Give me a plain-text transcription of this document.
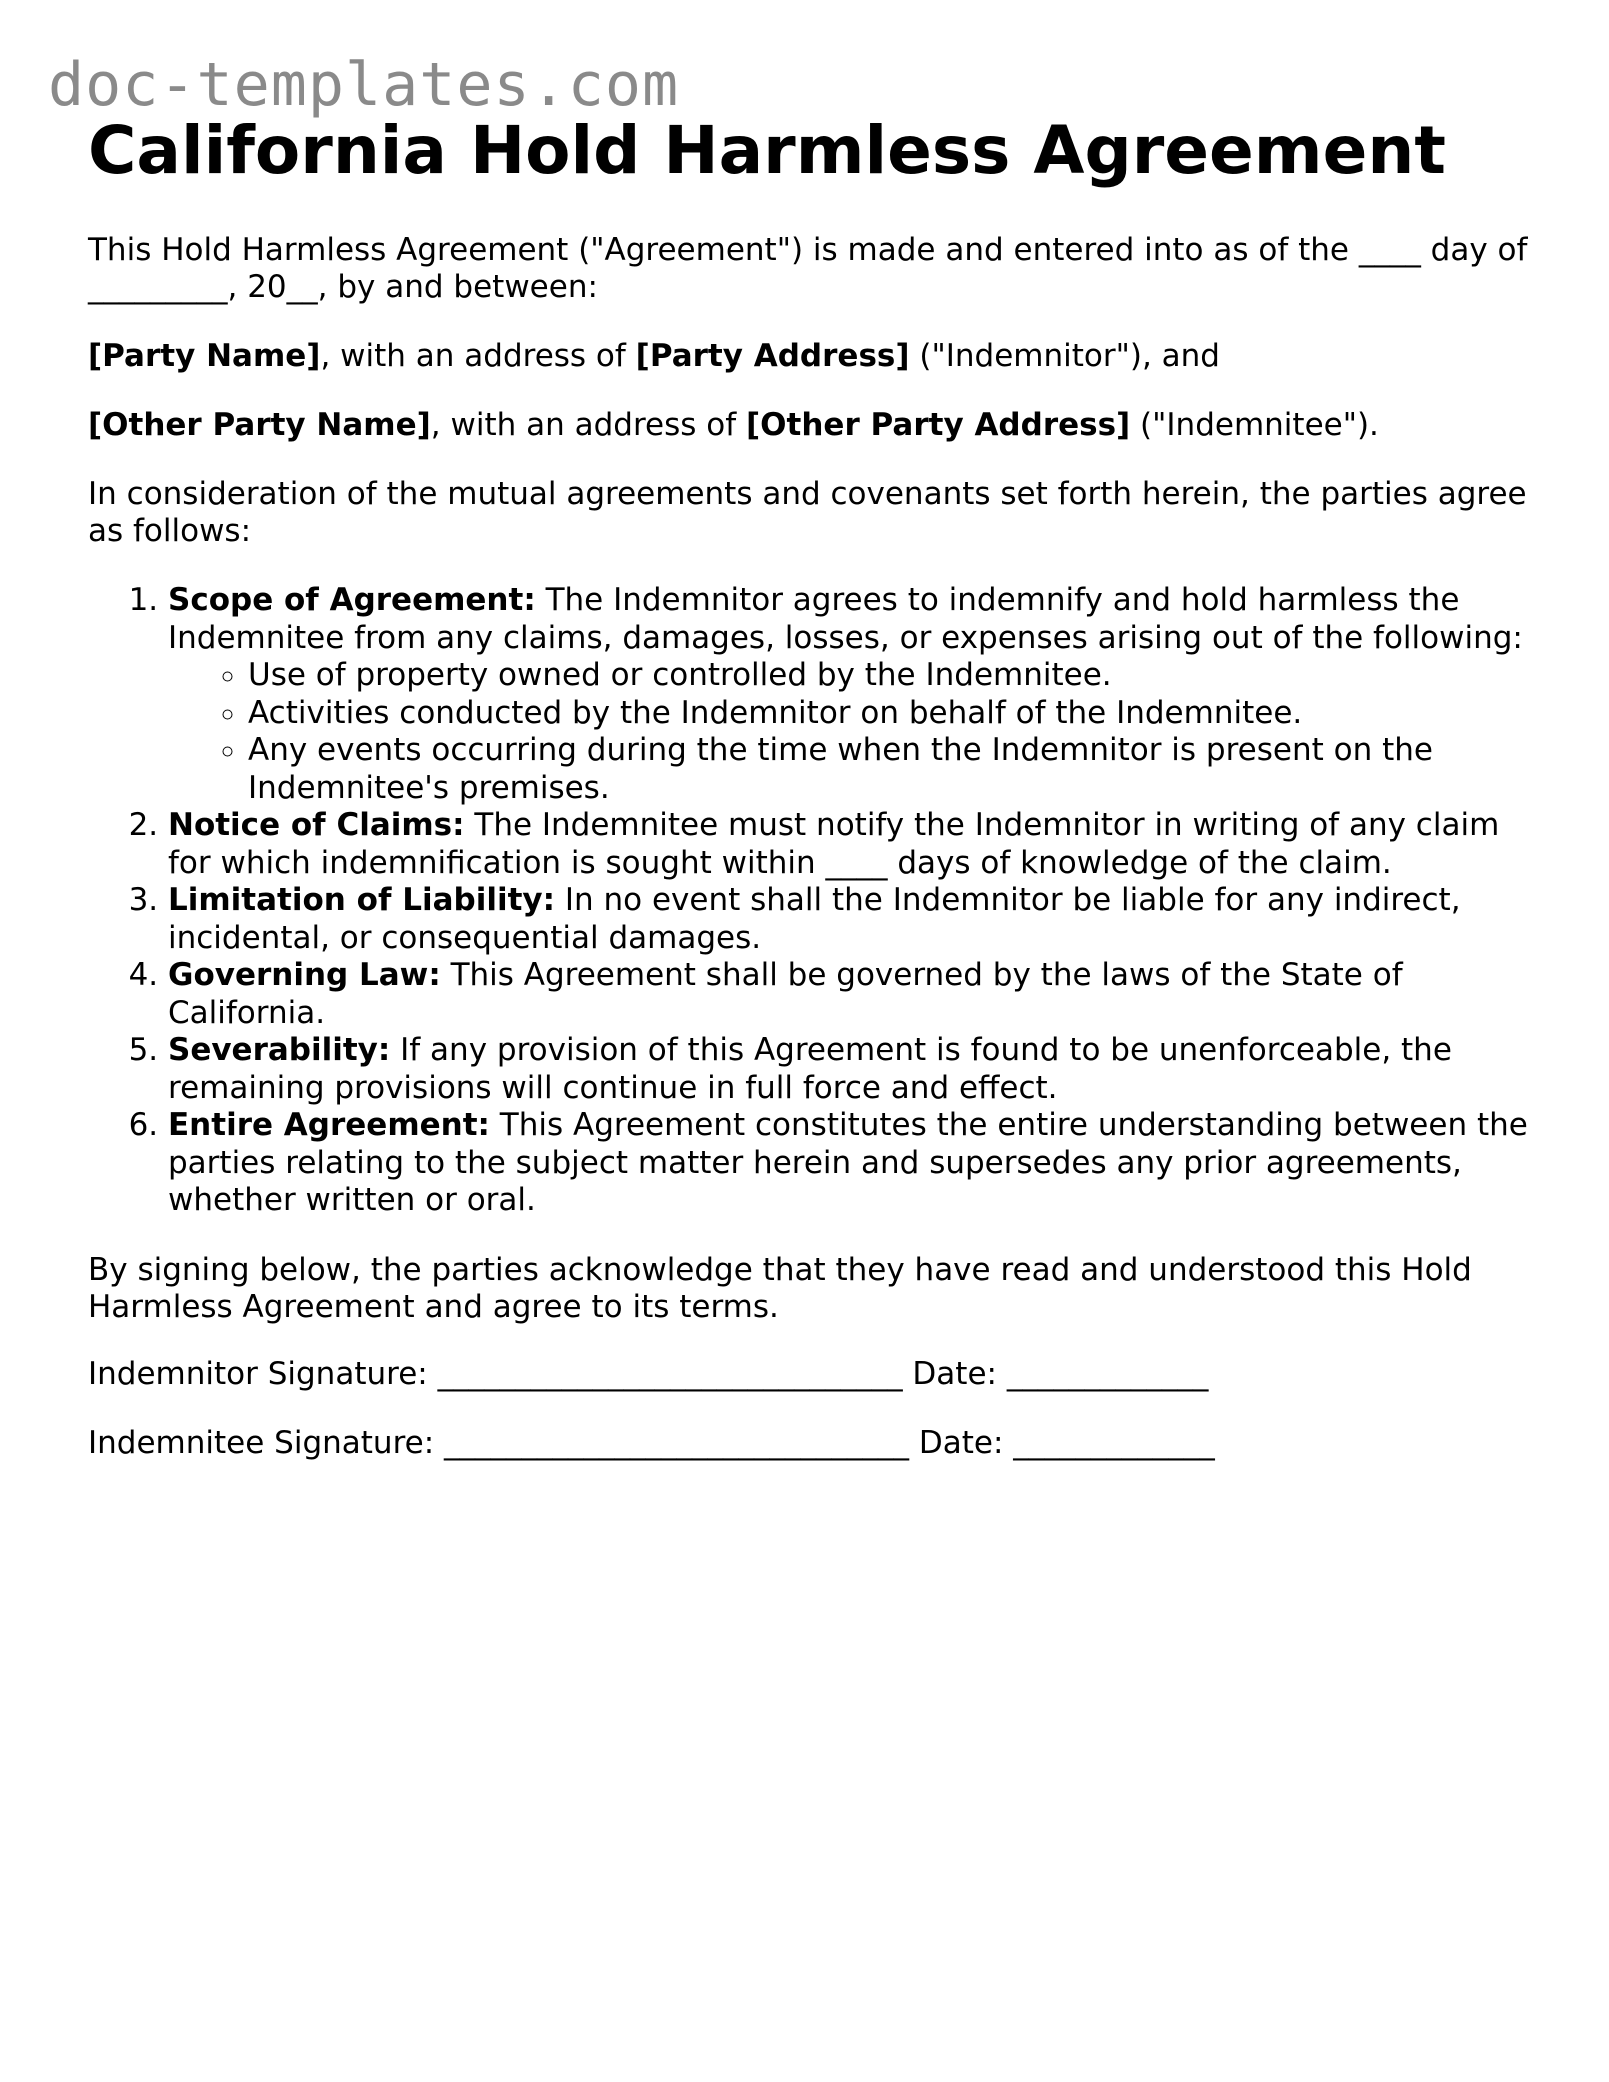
doc-templates.com
California Hold Harmless Agreement

This Hold Harmless Agreement ("Agreement") is made and entered into as of the ____ day of _________, 20__, by and between:

[Party Name], with an address of [Party Address] ("Indemnitor"), and

[Other Party Name], with an address of [Other Party Address] ("Indemnitee").

In consideration of the mutual agreements and covenants set forth herein, the parties agree as follows:

1. Scope of Agreement: The Indemnitor agrees to indemnify and hold harmless the Indemnitee from any claims, damages, losses, or expenses arising out of the following:
◦ Use of property owned or controlled by the Indemnitee.
◦ Activities conducted by the Indemnitor on behalf of the Indemnitee.
◦ Any events occurring during the time when the Indemnitor is present on the Indemnitee's premises.
2. Notice of Claims: The Indemnitee must notify the Indemnitor in writing of any claim for which indemnification is sought within ____ days of knowledge of the claim.
3. Limitation of Liability: In no event shall the Indemnitor be liable for any indirect, incidental, or consequential damages.
4. Governing Law: This Agreement shall be governed by the laws of the State of California.
5. Severability: If any provision of this Agreement is found to be unenforceable, the remaining provisions will continue in full force and effect.
6. Entire Agreement: This Agreement constitutes the entire understanding between the parties relating to the subject matter herein and supersedes any prior agreements, whether written or oral.

By signing below, the parties acknowledge that they have read and understood this Hold Harmless Agreement and agree to its terms.

Indemnitor Signature: ______________________________ Date: _____________

Indemnitee Signature: ______________________________ Date: _____________
